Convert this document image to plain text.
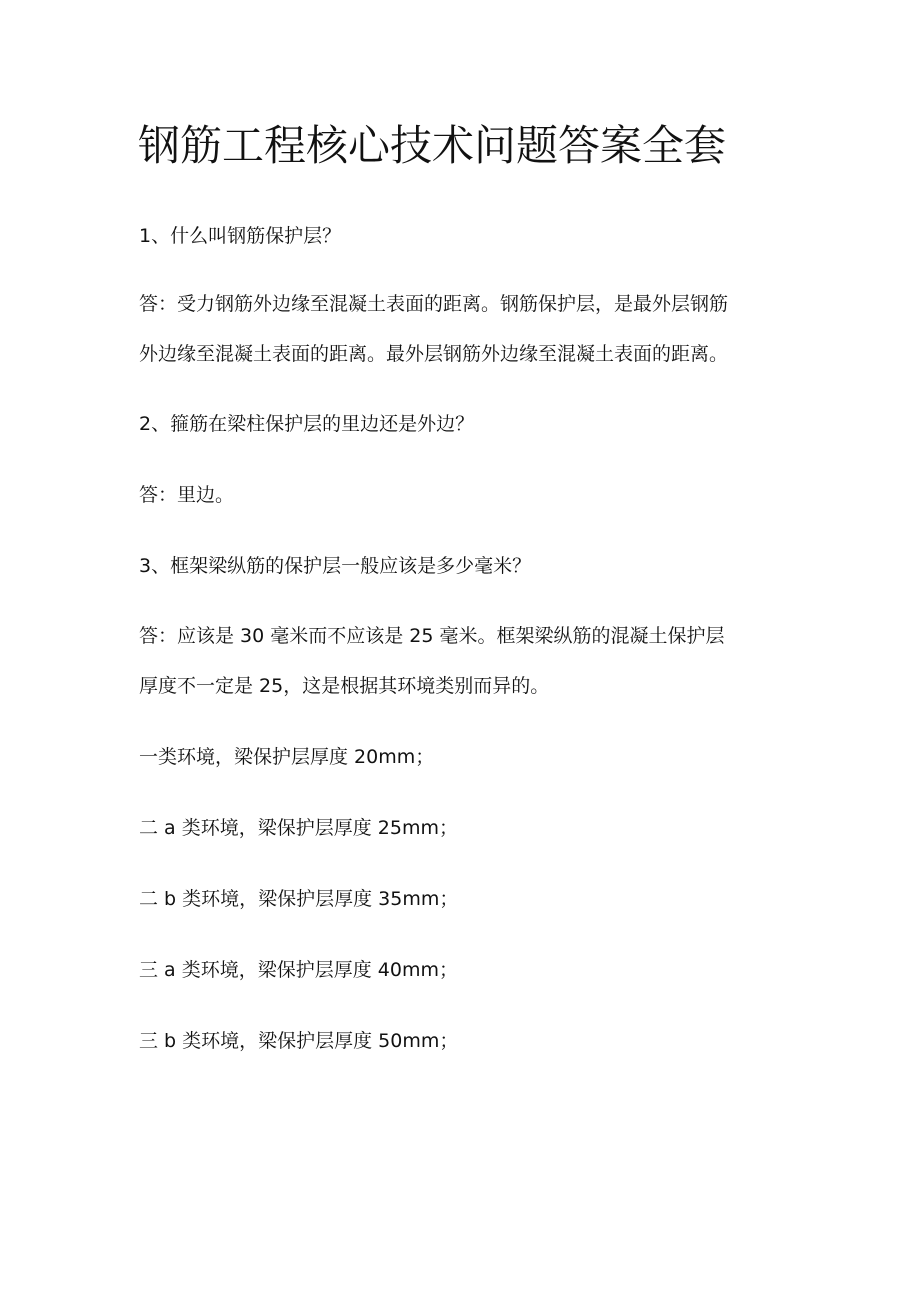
钢筋工程核心技术问题答案全套

1、什么叫钢筋保护层？

答：受力钢筋外边缘至混凝土表面的距离。钢筋保护层，是最外层钢筋

外边缘至混凝土表面的距离。最外层钢筋外边缘至混凝土表面的距离。

2、箍筋在梁柱保护层的里边还是外边？

答：里边。

3、框架梁纵筋的保护层一般应该是多少毫米？

答：应该是 30 毫米而不应该是 25 毫米。框架梁纵筋的混凝土保护层

厚度不一定是 25，这是根据其环境类别而异的。

一类环境，梁保护层厚度 20mm；

二 a 类环境，梁保护层厚度 25mm；

二 b 类环境，梁保护层厚度 35mm；

三 a 类环境，梁保护层厚度 40mm；

三 b 类环境，梁保护层厚度 50mm；
